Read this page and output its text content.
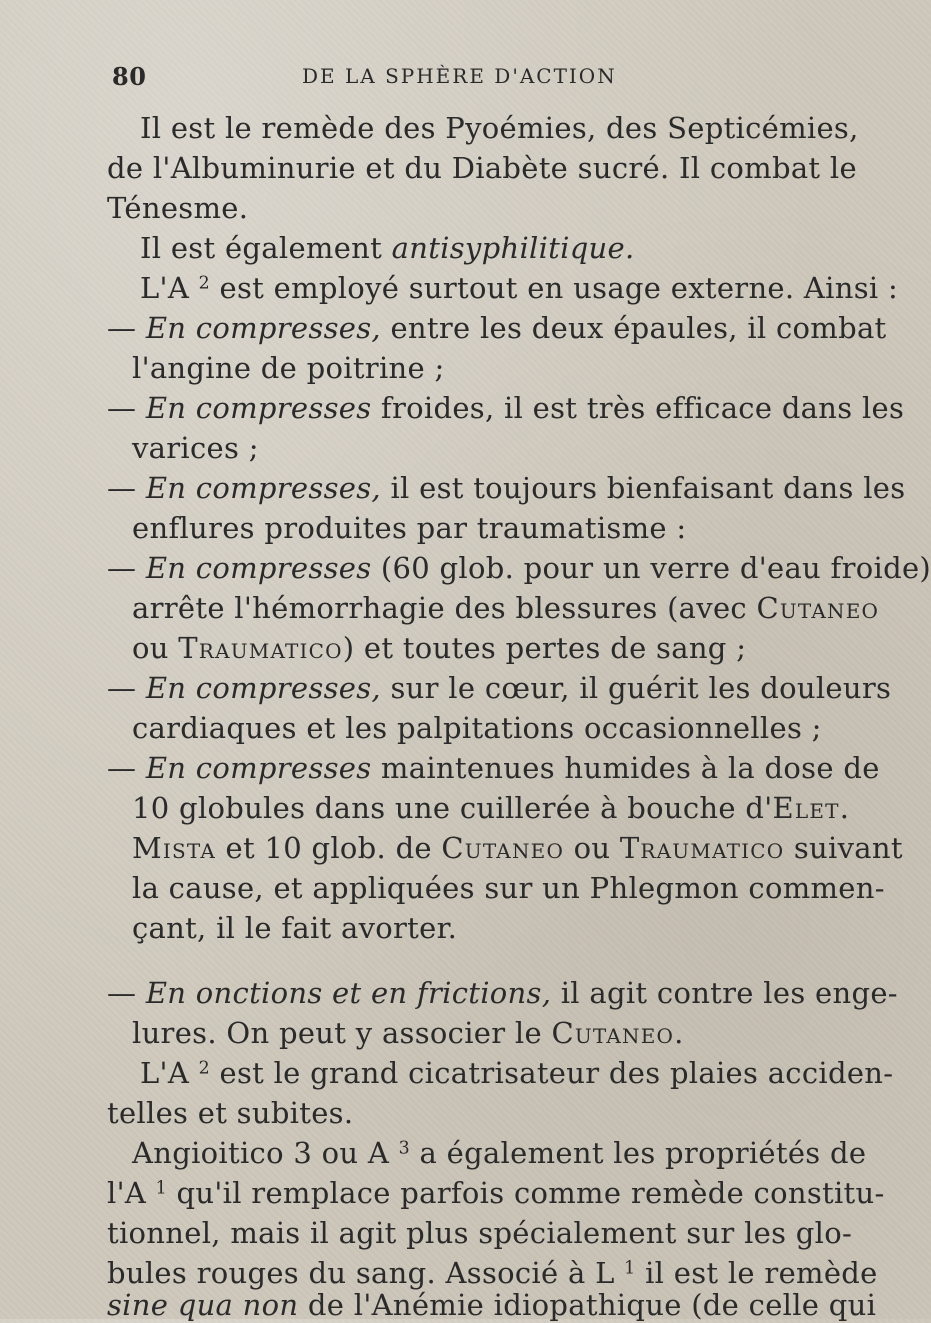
80	DE LA SPHÈRE D'ACTION
Il est le remède des Pyoémies, des Septicémies,
de l'Albuminurie et du Diabète sucré. Il combat le
Ténesme.
Il est également antisyphilitique.
L'A $^2$ est employé surtout en usage externe. Ainsi :
— En compresses, entre les deux épaules, il combat
l'angine de poitrine ;
— En compresses froides, il est très efficace dans les
varices ;
— En compresses, il est toujours bienfaisant dans les
enflures produites par traumatisme :
— En compresses (60 glob. pour un verre d'eau froide)
arrête l'hémorrhagie des blessures (avec Cutaneo
ou Traumatico) et toutes pertes de sang ;
— En compresses, sur le cœur, il guérit les douleurs
cardiaques et les palpitations occasionnelles ;
— En compresses maintenues humides à la dose de
10 globules dans une cuillerée à bouche d'Elet.
Mista et 10 glob. de Cutaneo ou Traumatico suivant
la cause, et appliquées sur un Phlegmon commen-
çant, il le fait avorter.
— En onctions et en frictions, il agit contre les enge-
lures. On peut y associer le Cutaneo.
L'A $^2$ est le grand cicatrisateur des plaies acciden-
telles et subites.
Angioitico 3 ou A $^3$ a également les propriétés de
l'A $^1$ qu'il remplace parfois comme remède constitu-
tionnel, mais il agit plus spécialement sur les glo-
bules rouges du sang. Associé à L $^1$ il est le remède
sine qua non de l'Anémie idiopathique (de celle qui
